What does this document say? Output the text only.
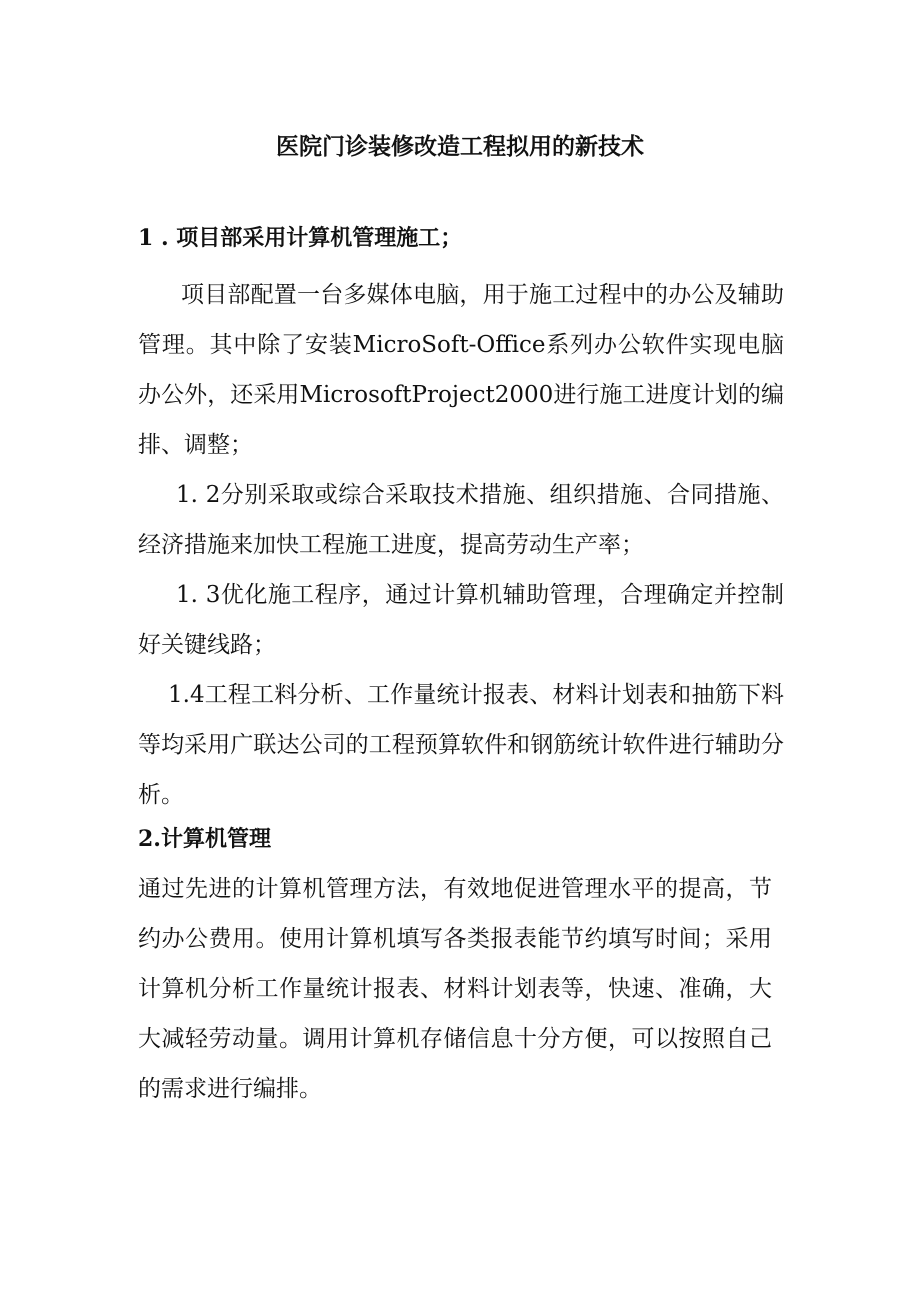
医院门诊装修改造工程拟用的新技术
1 . 项目部采用计算机管理施工；

项目部配置一台多媒体电脑，用于施工过程中的办公及辅助管理。其中除了安装MicroSoft-Office系列办公软件实现电脑办公外，还采用MicrosoftProject2000进行施工进度计划的编排、调整；

1. 2分别采取或综合采取技术措施、组织措施、合同措施、经济措施来加快工程施工进度，提高劳动生产率；

1. 3优化施工程序，通过计算机辅助管理，合理确定并控制好关键线路；

1.4工程工料分析、工作量统计报表、材料计划表和抽筋下料等均采用广联达公司的工程预算软件和钢筋统计软件进行辅助分析。

2.计算机管理

通过先进的计算机管理方法，有效地促进管理水平的提高，节约办公费用。使用计算机填写各类报表能节约填写时间；采用计算机分析工作量统计报表、材料计划表等，快速、准确，大大减轻劳动量。调用计算机存储信息十分方便，可以按照自己的需求进行编排。
